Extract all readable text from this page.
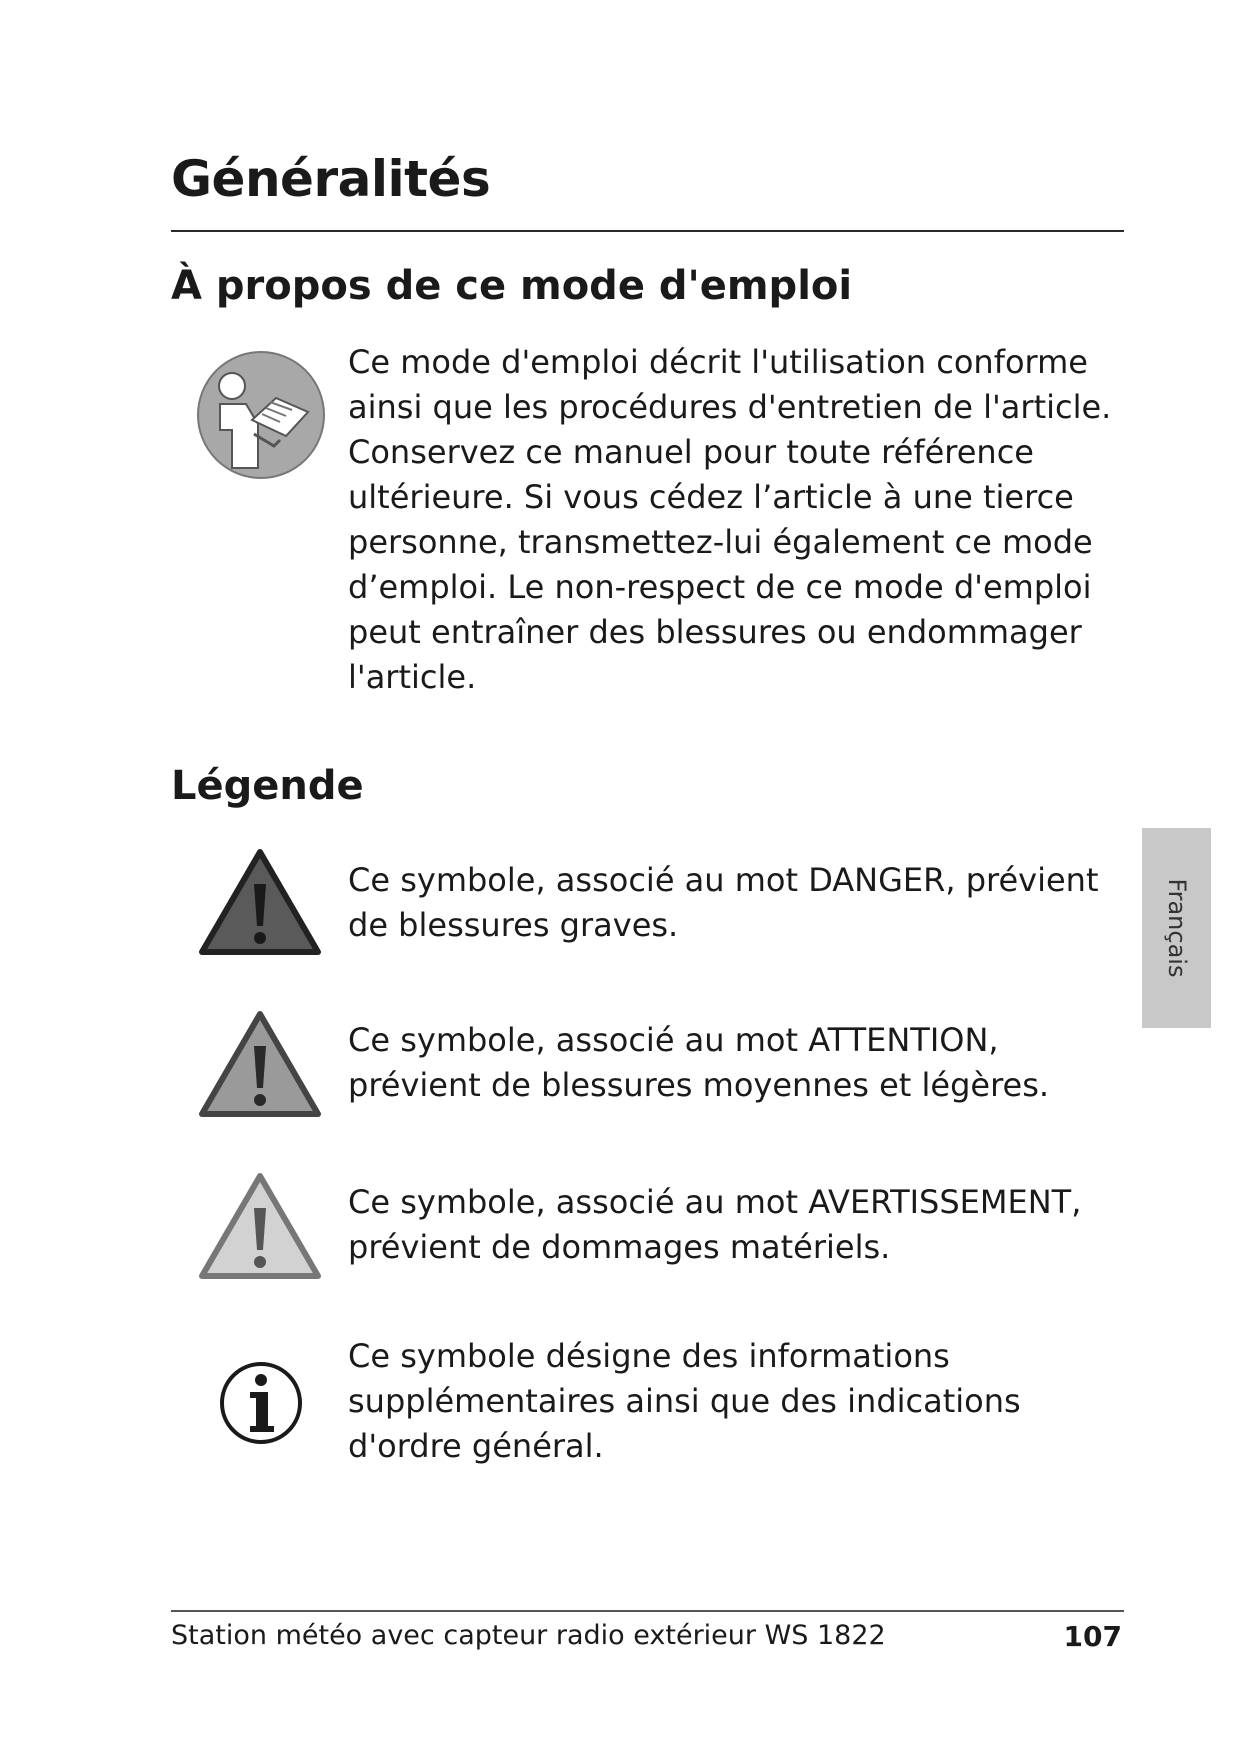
Généralités
À propos de ce mode d'emploi

Ce mode d'emploi décrit l'utilisation conforme ainsi que les procédures d'entretien de l'article. Conservez ce manuel pour toute référence ultérieure. Si vous cédez l’article à une tierce personne, transmettez-lui également ce mode d’emploi. Le non-respect de ce mode d'emploi peut entraîner des blessures ou endommager l'article.

Légende

Ce symbole, associé au mot DANGER, prévient de blessures graves.

Ce symbole, associé au mot ATTENTION, prévient de blessures moyennes et légères.

Ce symbole, associé au mot AVERTISSEMENT, prévient de dommages matériels.

Ce symbole désigne des informations supplémentaires ainsi que des indications d'ordre général.

Français
Station météo avec capteur radio extérieur WS 1822	107
